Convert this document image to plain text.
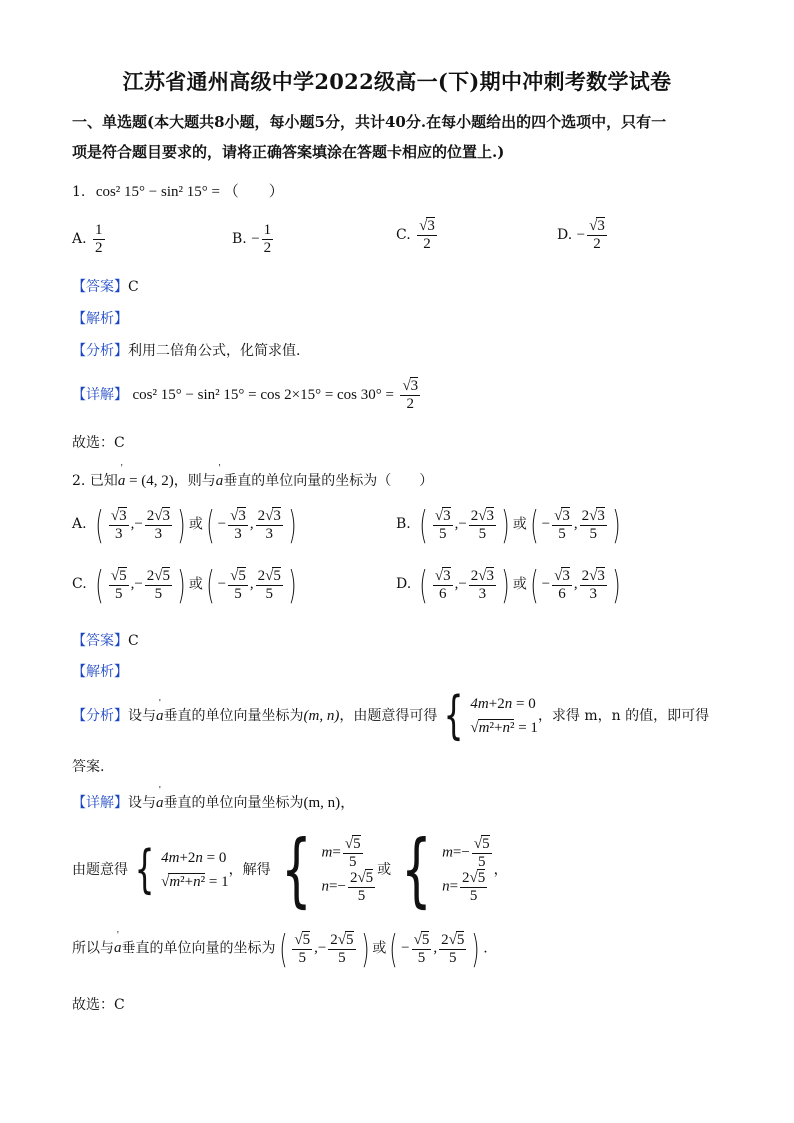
江苏省通州高级中学2022级高一(下)期中冲刺考数学试卷
一、单选题(本大题共8小题，每小题5分，共计40分.在每小题给出的四个选项中，只有一
项是符合题目要求的，请将正确答案填涂在答题卡相应的位置上.)
1. cos² 15° − sin² 15° = （　　）
A. $\frac{1}{2}$	B. − $\frac{1}{2}$	C. $\frac{√3}{2}$	D. − $\frac{√3}{2}$
【答案】C
【解析】
【分析】利用二倍角公式，化简求值.
【详解】 cos² 15° − sin² $15^\circ = \cos 2\times 15^\circ = \cos 30^\circ = \frac{√3}{2}$
故选：C
2. 已知' a = (4, 2)，则与' a垂直的单位向量的坐标为（　　）
A. ( $\frac{√3}{3}$ ,− $\frac{2√3}{3}$ ) 或( − $\frac{√3}{3}$ , $\frac{2√3}{3}$ )	B. ( $\frac{√3}{5}$ ,− $\frac{2√3}{5}$ ) 或( − $\frac{√3}{5}$ , $\frac{2√3}{5}$ )
C. ( $\frac{√5}{5}$ ,− $\frac{2√5}{5}$ ) 或( − $\frac{√5}{5}$ , $\frac{2√5}{5}$ )	D. ( $\frac{√3}{6}$ ,− $\frac{2√3}{3}$ ) 或( − $\frac{√3}{6}$ , $\frac{2√3}{3}$ )
【答案】C
【解析】
【分析】设与' a垂直的单位向量坐标为(m, n)，由题意得可得 { 4m+2n = 0
√m²+n² = 1
，求得 m，n 的值，即可得
答案.
【详解】设与' a垂直的单位向量坐标为(m, n)，
由题意得 { 4m+2n = 0
√m²+n² = 1
，解得 { $m= \frac{√5}{5}$
$n=- \frac{2√5}{5}$ 或 { $m=- \frac{√5}{5}$
$n= \frac{2√5}{5}$ ，
所以与' a垂直的单位向量的坐标为( $\frac{√5}{5}$ ,− $\frac{2√5}{5}$ ) 或( − $\frac{√5}{5}$ , $\frac{2√5}{5}$ ) .
故选：C
